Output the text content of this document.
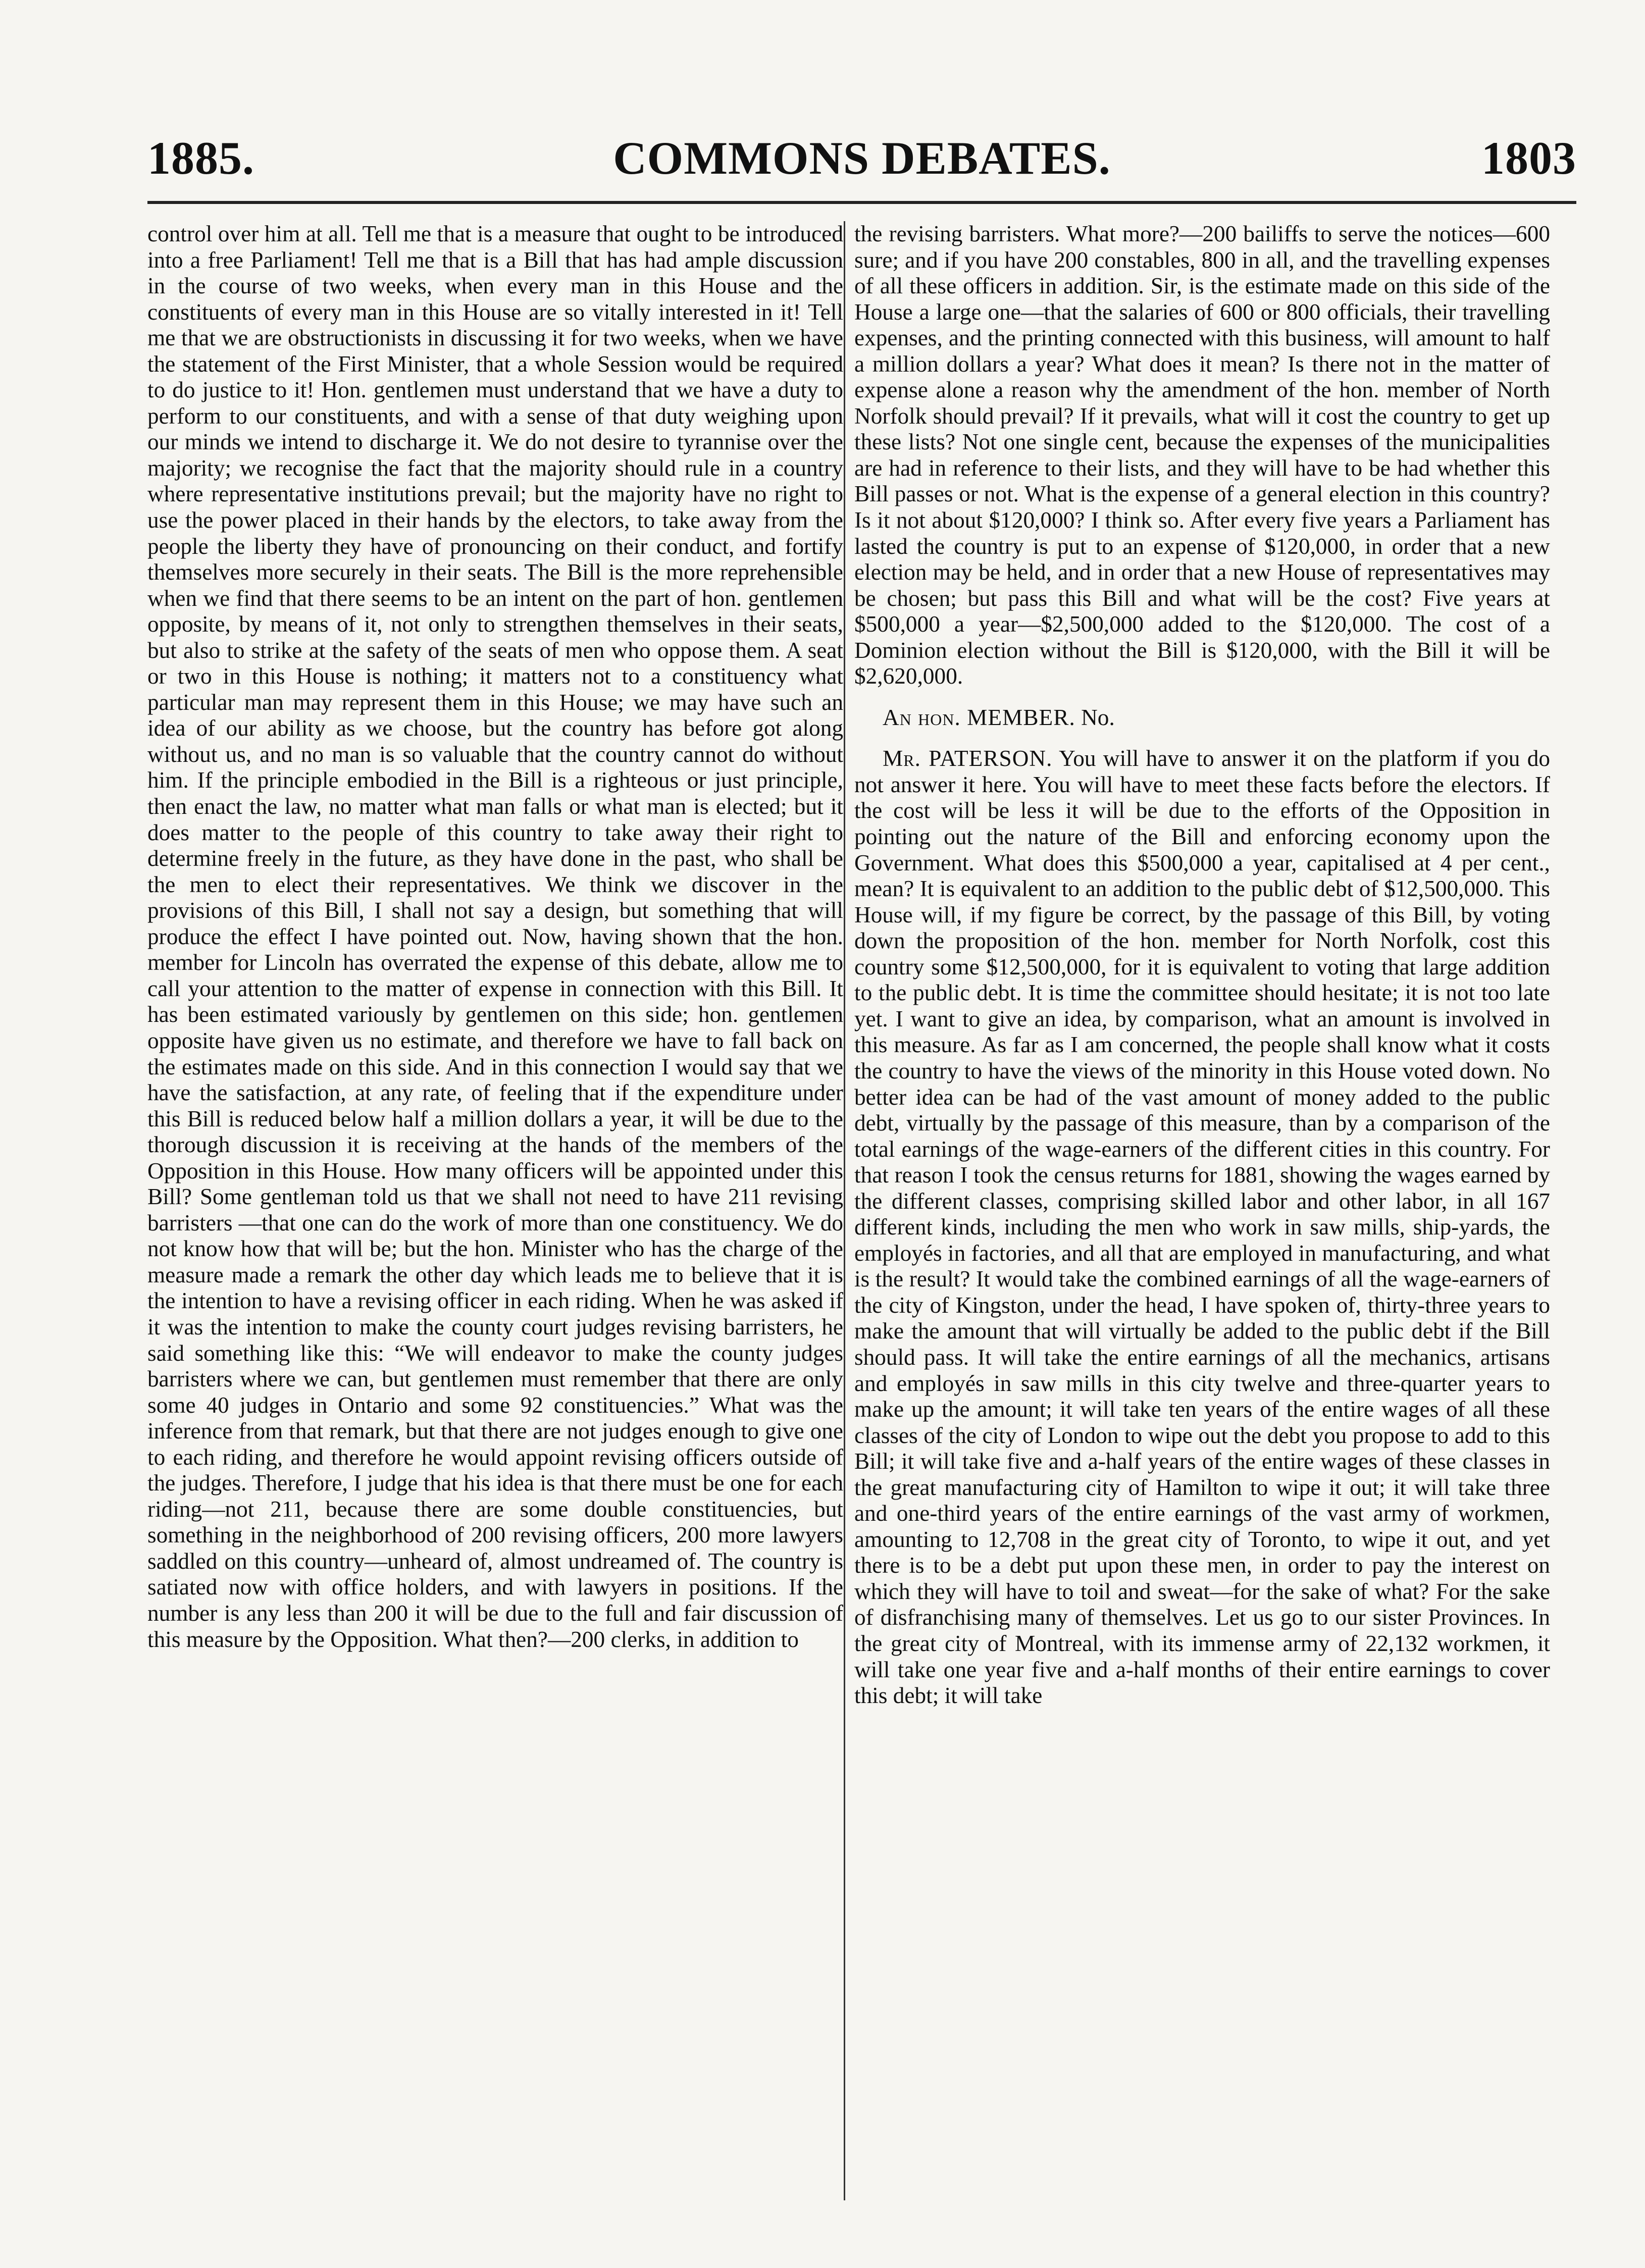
1885.	COMMONS DEBATES.	1803

control over him at all. Tell me that is a measure that ought to be introduced into a free Parliament! Tell me that is a Bill that has had ample discussion in the course of two weeks, when every man in this House and the constituents of every man in this House are so vitally interested in it! Tell me that we are obstructionists in discussing it for two weeks, when we have the statement of the First Minister, that a whole Session would be required to do justice to it! Hon. gentlemen must understand that we have a duty to perform to our constituents, and with a sense of that duty weighing upon our minds we intend to discharge it. We do not desire to tyrannise over the majority; we recognise the fact that the majority should rule in a country where representative institutions prevail; but the majority have no right to use the power placed in their hands by the electors, to take away from the people the liberty they have of pronouncing on their conduct, and fortify themselves more securely in their seats. The Bill is the more reprehensible when we find that there seems to be an intent on the part of hon. gentlemen opposite, by means of it, not only to strengthen themselves in their seats, but also to strike at the safety of the seats of men who oppose them. A seat or two in this House is nothing; it matters not to a constituency what particular man may represent them in this House; we may have such an idea of our ability as we choose, but the country has before got along without us, and no man is so valuable that the country cannot do without him. If the principle embodied in the Bill is a righteous or just principle, then enact the law, no matter what man falls or what man is elected; but it does matter to the people of this country to take away their right to determine freely in the future, as they have done in the past, who shall be the men to elect their representatives. We think we discover in the provisions of this Bill, I shall not say a design, but something that will produce the effect I have pointed out. Now, having shown that the hon. member for Lincoln has overrated the expense of this debate, allow me to call your attention to the matter of expense in connection with this Bill. It has been estimated variously by gentlemen on this side; hon. gentlemen opposite have given us no estimate, and therefore we have to fall back on the estimates made on this side. And in this connection I would say that we have the satisfaction, at any rate, of feeling that if the expenditure under this Bill is reduced below half a million dollars a year, it will be due to the thorough discussion it is receiving at the hands of the members of the Opposition in this House. How many officers will be appointed under this Bill? Some gentleman told us that we shall not need to have 211 revising barristers —that one can do the work of more than one constituency. We do not know how that will be; but the hon. Minister who has the charge of the measure made a remark the other day which leads me to believe that it is the intention to have a revising officer in each riding. When he was asked if it was the intention to make the county court judges revising barristers, he said something like this: “We will endeavor to make the county judges barristers where we can, but gentlemen must remember that there are only some 40 judges in Ontario and some 92 constituencies.” What was the inference from that remark, but that there are not judges enough to give one to each riding, and therefore he would appoint revising officers outside of the judges. Therefore, I judge that his idea is that there must be one for each riding—not 211, because there are some double constituencies, but something in the neighborhood of 200 revising officers, 200 more lawyers saddled on this country—unheard of, almost undreamed of. The country is satiated now with office holders, and with lawyers in positions. If the number is any less than 200 it will be due to the full and fair discussion of this measure by the Opposition. What then?—200 clerks, in addition to

the revising barristers. What more?—200 bailiffs to serve the notices—600 sure; and if you have 200 constables, 800 in all, and the travelling expenses of all these officers in addition. Sir, is the estimate made on this side of the House a large one—that the salaries of 600 or 800 officials, their travelling expenses, and the printing connected with this business, will amount to half a million dollars a year? What does it mean? Is there not in the matter of expense alone a reason why the amendment of the hon. member of North Norfolk should prevail? If it prevails, what will it cost the country to get up these lists? Not one single cent, because the expenses of the municipalities are had in reference to their lists, and they will have to be had whether this Bill passes or not. What is the expense of a general election in this country? Is it not about $120,000? I think so. After every five years a Parliament has lasted the country is put to an expense of $120,000, in order that a new election may be held, and in order that a new House of representatives may be chosen; but pass this Bill and what will be the cost? Five years at $500,000 a year—$2,500,000 added to the $120,000. The cost of a Dominion election without the Bill is $120,000, with the Bill it will be $2,620,000.

An hon. MEMBER. No.

Mr. PATERSON. You will have to answer it on the platform if you do not answer it here. You will have to meet these facts before the electors. If the cost will be less it will be due to the efforts of the Opposition in pointing out the nature of the Bill and enforcing economy upon the Government. What does this $500,000 a year, capitalised at 4 per cent., mean? It is equivalent to an addition to the public debt of $12,500,000. This House will, if my figure be correct, by the passage of this Bill, by voting down the proposition of the hon. member for North Norfolk, cost this country some $12,500,000, for it is equivalent to voting that large addition to the public debt. It is time the committee should hesitate; it is not too late yet. I want to give an idea, by comparison, what an amount is involved in this measure. As far as I am concerned, the people shall know what it costs the country to have the views of the minority in this House voted down. No better idea can be had of the vast amount of money added to the public debt, virtually by the passage of this measure, than by a comparison of the total earnings of the wage-earners of the different cities in this country. For that reason I took the census returns for 1881, showing the wages earned by the different classes, comprising skilled labor and other labor, in all 167 different kinds, including the men who work in saw mills, ship-yards, the employés in factories, and all that are employed in manufacturing, and what is the result? It would take the combined earnings of all the wage-earners of the city of Kingston, under the head, I have spoken of, thirty-three years to make the amount that will virtually be added to the public debt if the Bill should pass. It will take the entire earnings of all the mechanics, artisans and employés in saw mills in this city twelve and three-quarter years to make up the amount; it will take ten years of the entire wages of all these classes of the city of London to wipe out the debt you propose to add to this Bill; it will take five and a-half years of the entire wages of these classes in the great manufacturing city of Hamilton to wipe it out; it will take three and one-third years of the entire earnings of the vast army of workmen, amounting to 12,708 in the great city of Toronto, to wipe it out, and yet there is to be a debt put upon these men, in order to pay the interest on which they will have to toil and sweat—for the sake of what? For the sake of disfranchising many of themselves. Let us go to our sister Provinces. In the great city of Montreal, with its immense army of 22,132 workmen, it will take one year five and a-half months of their entire earnings to cover this debt; it will take
